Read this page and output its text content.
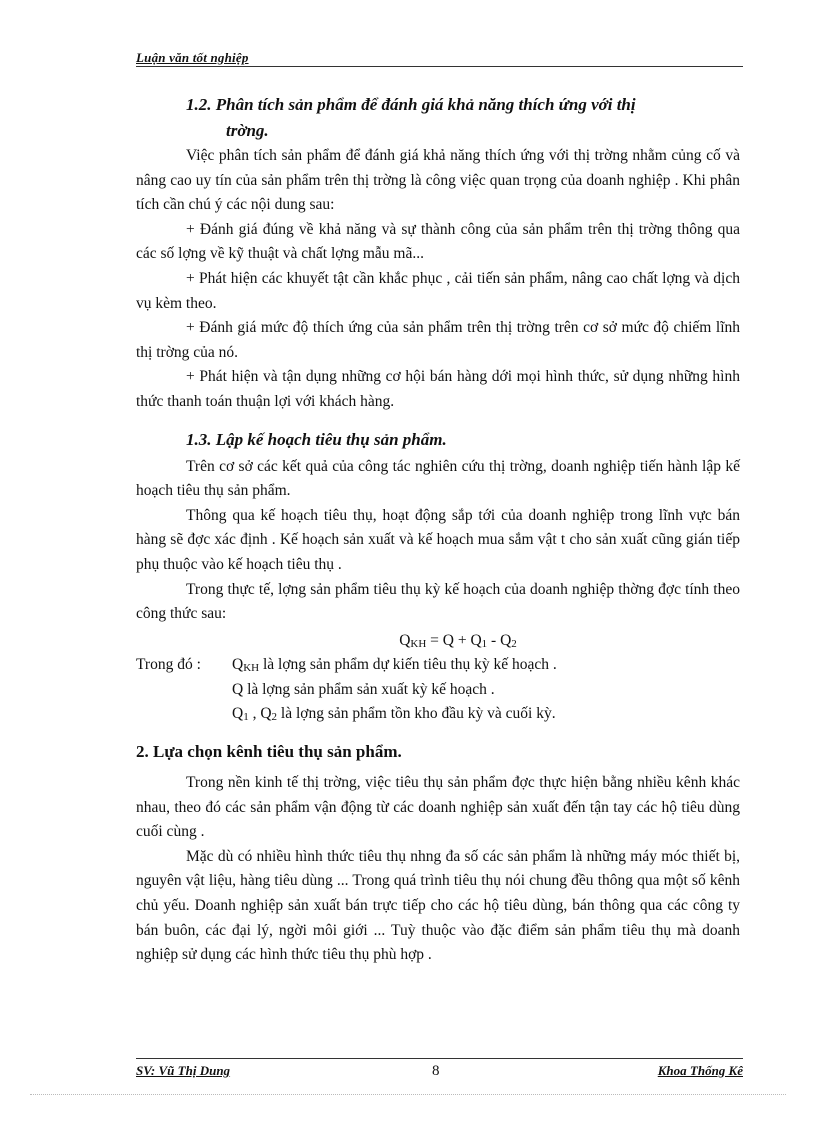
Luận văn tốt nghiệp
1.2. Phân tích sản phẩm để đánh giá khả năng thích ứng với thị
trờng.

Việc phân tích sản phẩm để đánh giá khả năng thích ứng với thị trờng nhằm củng cố và nâng cao uy tín của sản phẩm trên thị trờng là công việc quan trọng của doanh nghiệp . Khi phân tích cần chú ý các nội dung sau:

+ Đánh giá đúng về khả năng và sự thành công của sản phẩm trên thị trờng thông qua các số lợng về kỹ thuật và chất lợng mẫu mã...

+ Phát hiện các khuyết tật cần khắc phục , cải tiến sản phẩm, nâng cao chất lợng và dịch vụ kèm theo.

+ Đánh giá mức độ thích ứng của sản phẩm trên thị trờng trên cơ sở mức độ chiếm lĩnh thị trờng của nó.

+ Phát hiện và tận dụng những cơ hội bán hàng dới mọi hình thức, sử dụng những hình thức thanh toán thuận lợi với khách hàng.

1.3. Lập kế hoạch tiêu thụ sản phẩm.

Trên cơ sở các kết quả của công tác nghiên cứu thị trờng, doanh nghiệp tiến hành lập kế hoạch tiêu thụ sản phẩm.

Thông qua kế hoạch tiêu thụ, hoạt động sắp tới của doanh nghiệp trong lĩnh vực bán hàng sẽ đợc xác định . Kế hoạch sản xuất và kế hoạch mua sắm vật t cho sản xuất cũng gián tiếp phụ thuộc vào kế hoạch tiêu thụ .

Trong thực tế, lợng sản phẩm tiêu thụ kỳ kế hoạch của doanh nghiệp thờng đợc tính theo công thức sau:

$Q_{KH} = Q + Q_1 - Q_2$
Trong đó :	$Q_{KH}$ là lợng sản phẩm dự kiến tiêu thụ kỳ kế hoạch .
Q là lợng sản phẩm sản xuất kỳ kế hoạch .
$Q_1$ , $Q_2$ là lợng sản phẩm tồn kho đầu kỳ và cuối kỳ.
2. Lựa chọn kênh tiêu thụ sản phẩm.

Trong nền kinh tế thị trờng, việc tiêu thụ sản phẩm đợc thực hiện bằng nhiều kênh khác nhau, theo đó các sản phẩm vận động từ các doanh nghiệp sản xuất đến tận tay các hộ tiêu dùng cuối cùng .

Mặc dù có nhiều hình thức tiêu thụ nhng đa số các sản phẩm là những máy móc thiết bị, nguyên vật liệu, hàng tiêu dùng ... Trong quá trình tiêu thụ nói chung đều thông qua một số kênh chủ yếu. Doanh nghiệp sản xuất bán trực tiếp cho các hộ tiêu dùng, bán thông qua các công ty bán buôn, các đại lý, ngời môi giới ... Tuỳ thuộc vào đặc điểm sản phẩm tiêu thụ mà doanh nghiệp sử dụng các hình thức tiêu thụ phù hợp .

SV: Vũ Thị Dung	8	Khoa Thống Kê
